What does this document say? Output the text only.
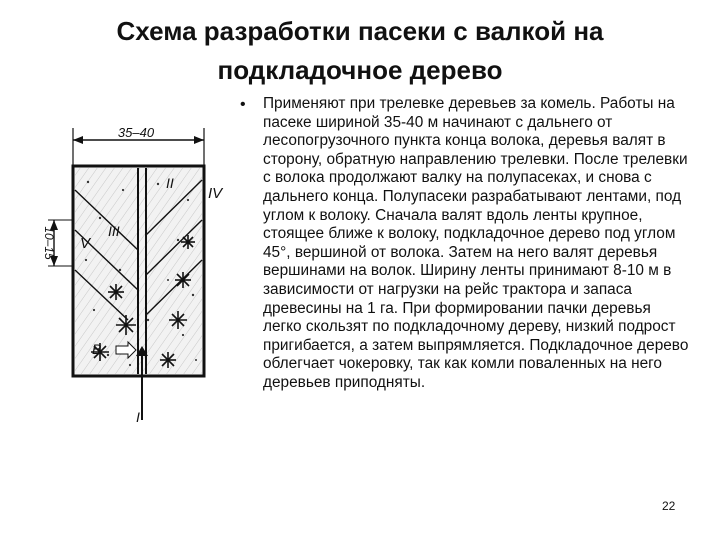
Схема разработки пасеки с валкой на
подкладочное дерево
35–40
10–15
II
IV
III
V
B
I
• Применяют при трелевке деревьев за комель. Работы на пасеке шириной 35-40 м начинают с дальнего от лесопогрузочного пункта конца волока, деревья валят в сторону, обратную направлению трелевки. После трелевки с волока продолжают валку на полупасеках, и снова с дальнего конца. Полупасеки разрабатывают лентами, под углом к волоку. Сначала валят вдоль ленты крупное, стоящее ближе к волоку, подкладочное дерево под углом 45°, вершиной от волока. Затем на него валят деревья вершинами на волок. Ширину ленты принимают 8-10 м в зависимости от нагрузки на рейс трактора и запаса древесины на 1 га. При формировании пачки деревья легко скользят по подкладочному дереву, низкий подрост пригибается, а затем выпрямляется. Подкладочное дерево облегчает чокеровку, так как комли поваленных на него деревьев приподняты.

22
